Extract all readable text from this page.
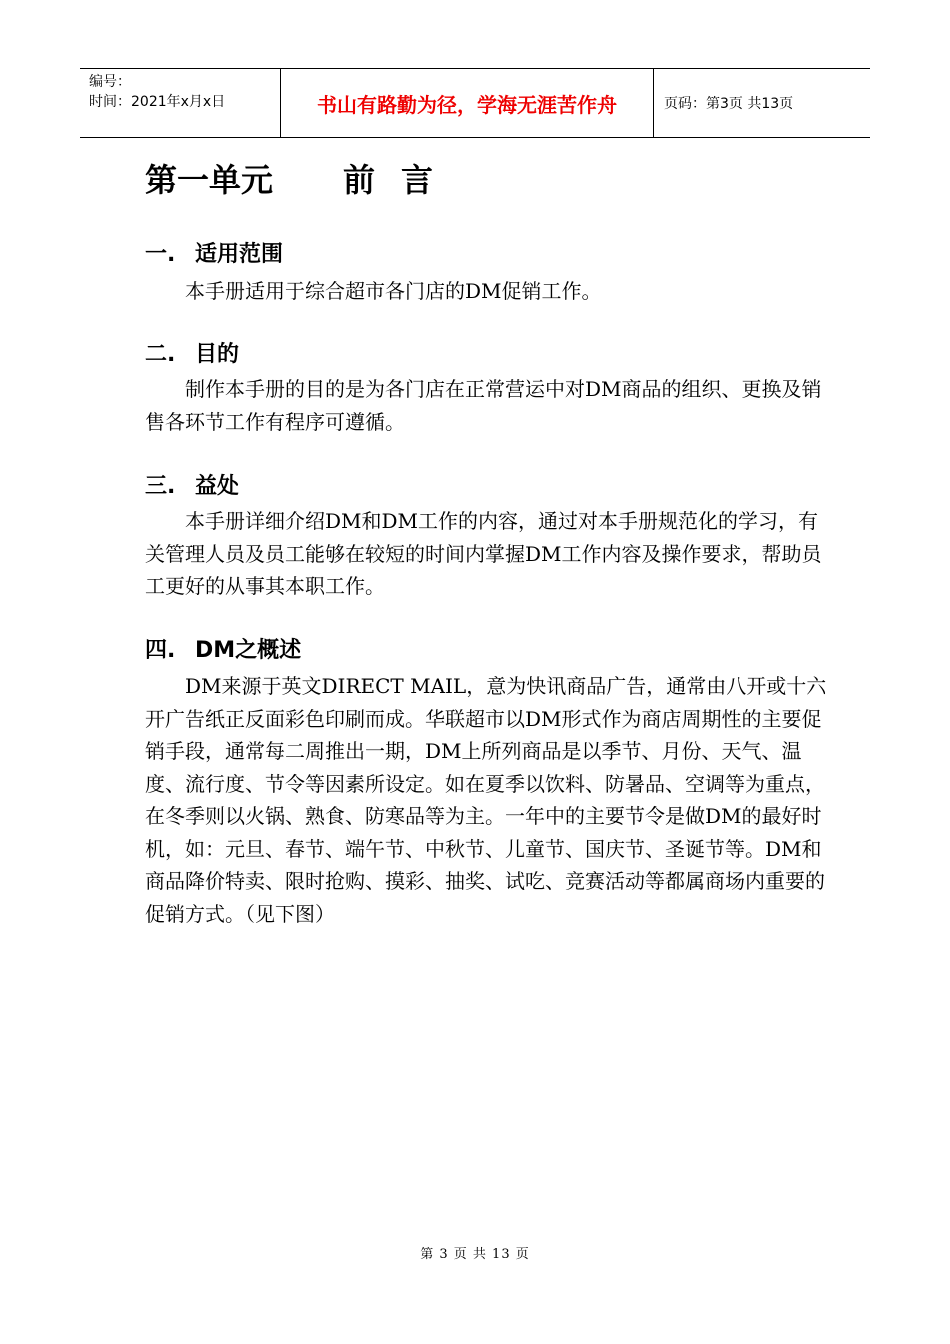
编号：
时间：2021年x月x日	书山有路勤为径，学海无涯苦作舟	页码：第3页 共13页
第一单元 前言
一. 适用范围
本手册适用于综合超市各门店的DM促销工作。
二. 目的
制作本手册的目的是为各门店在正常营运中对DM商品的组织、更换及销售各环节工作有程序可遵循。
三. 益处
本手册详细介绍DM和DM工作的内容，通过对本手册规范化的学习，有关管理人员及员工能够在较短的时间内掌握DM工作内容及操作要求，帮助员工更好的从事其本职工作。
四. DM之概述
DM来源于英文DIRECT MAIL，意为快讯商品广告，通常由八开或十六开广告纸正反面彩色印刷而成。华联超市以DM形式作为商店周期性的主要促销手段，通常每二周推出一期，DM上所列商品是以季节、月份、天气、温度、流行度、节令等因素所设定。如在夏季以饮料、防暑品、空调等为重点，在冬季则以火锅、熟食、防寒品等为主。一年中的主要节令是做DM的最好时机，如：元旦、春节、端午节、中秋节、儿童节、国庆节、圣诞节等。DM和商品降价特卖、限时抢购、摸彩、抽奖、试吃、竞赛活动等都属商场内重要的促销方式。（见下图）
第 3 页 共 13 页
